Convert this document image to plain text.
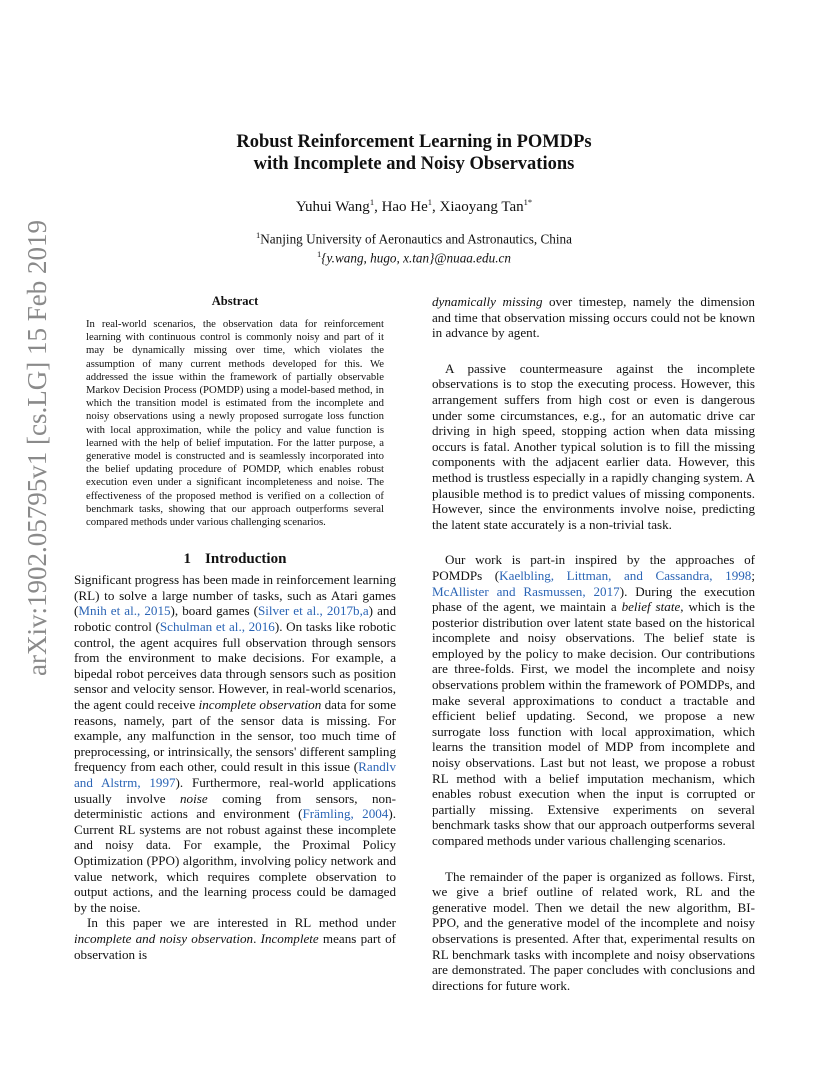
arXiv:1902.05795v1 [cs.LG] 15 Feb 2019
Robust Reinforcement Learning in POMDPs
with Incomplete and Noisy Observations
Yuhui Wang$^1$, Hao He$^1$, Xiaoyang Tan$^{1*}$
$^1$Nanjing University of Aeronautics and Astronautics, China
$^1${y.wang, hugo, x.tan}@nuaa.edu.cn
Abstract

In real-world scenarios, the observation data for reinforcement learning with continuous control is commonly noisy and part of it may be dynamically missing over time, which violates the assumption of many current methods developed for this. We addressed the issue within the framework of partially observable Markov Decision Process (POMDP) using a model-based method, in which the transition model is estimated from the incomplete and noisy observations using a newly proposed surrogate loss function with local approximation, while the policy and value function is learned with the help of belief imputation. For the latter purpose, a generative model is constructed and is seamlessly incorporated into the belief updating procedure of POMDP, which enables robust execution even under a significant incompleteness and noise. The effectiveness of the proposed method is verified on a collection of benchmark tasks, showing that our approach outperforms several compared methods under various challenging scenarios.

1 Introduction

Significant progress has been made in reinforcement learning (RL) to solve a large number of tasks, such as Atari games (Mnih et al., 2015), board games (Silver et al., 2017b,a) and robotic control (Schulman et al., 2016). On tasks like robotic control, the agent acquires full observation through sensors from the environment to make decisions. For example, a bipedal robot perceives data through sensors such as position sensor and velocity sensor. However, in real-world scenarios, the agent could receive incomplete observation data for some reasons, namely, part of the sensor data is missing. For example, any malfunction in the sensor, too much time of preprocessing, or intrinsically, the sensors' different sampling frequency from each other, could result in this issue (Randlv and Alstrm, 1997). Furthermore, real-world applications usually involve noise coming from sensors, non-deterministic actions and environment (Främling, 2004). Current RL systems are not robust against these incomplete and noisy data. For example, the Proximal Policy Optimization (PPO) algorithm, involving policy network and value network, which requires complete observation to output actions, and the learning process could be damaged by the noise.

In this paper we are interested in RL method under incomplete and noisy observation. Incomplete means part of observation is

dynamically missing over timestep, namely the dimension and time that observation missing occurs could not be known in advance by agent.

A passive countermeasure against the incomplete observations is to stop the executing process. However, this arrangement suffers from high cost or even is dangerous under some circumstances, e.g., for an automatic drive car driving in high speed, stopping action when data missing occurs is fatal. Another typical solution is to fill the missing components with the adjacent earlier data. However, this method is trustless especially in a rapidly changing system. A plausible method is to predict values of missing components. However, since the environments involve noise, predicting the latent state accurately is a non-trivial task.

Our work is part-in inspired by the approaches of POMDPs (Kaelbling, Littman, and Cassandra, 1998; McAllister and Rasmussen, 2017). During the execution phase of the agent, we maintain a belief state, which is the posterior distribution over latent state based on the historical incomplete and noisy observations. The belief state is employed by the policy to make decision. Our contributions are three-folds. First, we model the incomplete and noisy observations problem within the framework of POMDPs, and make several approximations to conduct a tractable and efficient belief updating. Second, we propose a new surrogate loss function with local approximation, which learns the transition model of MDP from incomplete and noisy observations. Last but not least, we propose a robust RL method with a belief imputation mechanism, which enables robust execution when the input is corrupted or partially missing. Extensive experiments on several benchmark tasks show that our approach outperforms several compared methods under various challenging scenarios.

The remainder of the paper is organized as follows. First, we give a brief outline of related work, RL and the generative model. Then we detail the new algorithm, BI-PPO, and the generative model of the incomplete and noisy observations is presented. After that, experimental results on RL benchmark tasks with incomplete and noisy observations are demonstrated. The paper concludes with conclusions and directions for future work.
